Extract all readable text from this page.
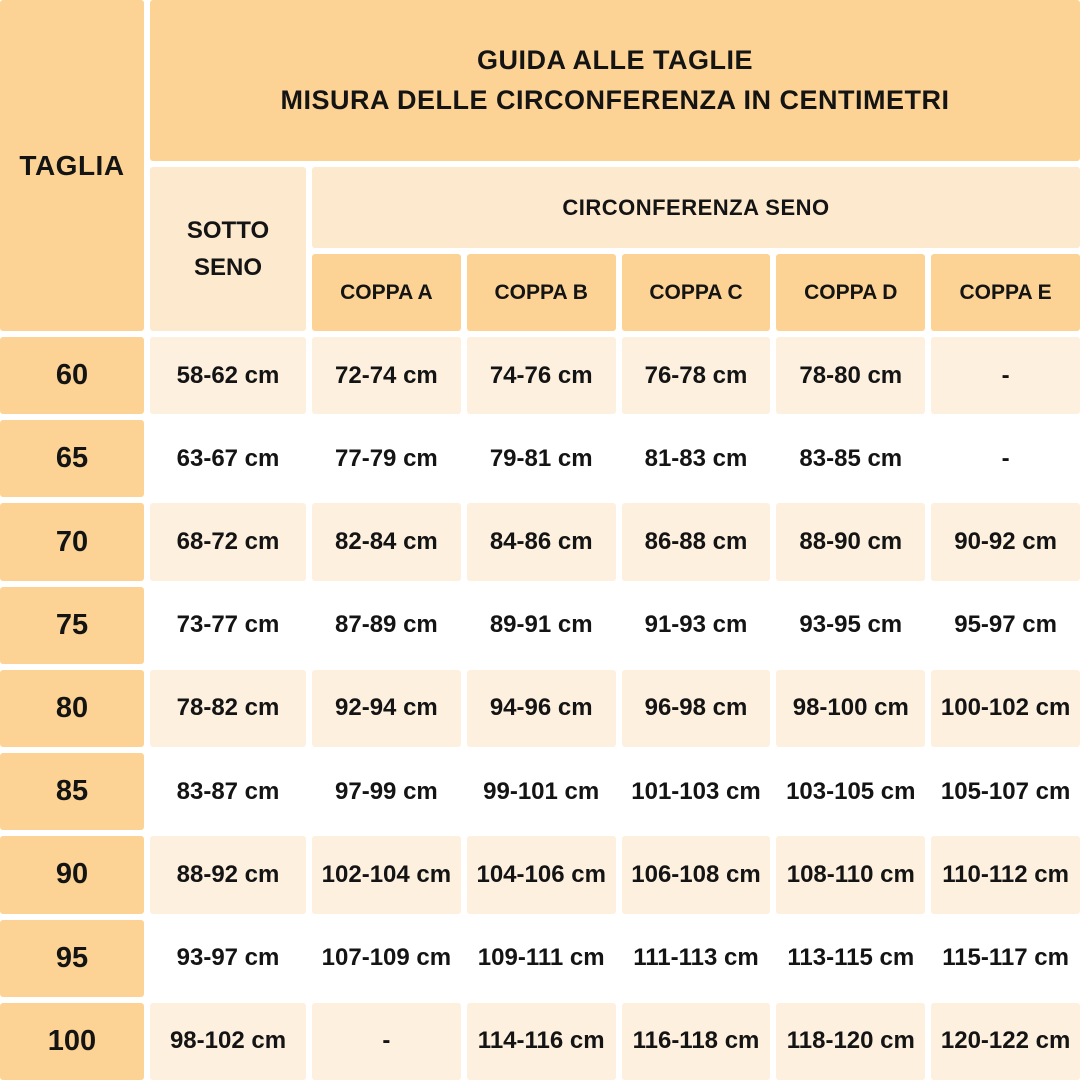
TAGLIA
GUIDA ALLE TAGLIE
MISURA DELLE CIRCONFERENZA IN CENTIMETRI
SOTTO SENO
CIRCONFERENZA SENO
COPPA A	COPPA B	COPPA C	COPPA D	COPPA E
60	58-62 cm	72-74 cm	74-76 cm	76-78 cm	78-80 cm	-
65	63-67 cm	77-79 cm	79-81 cm	81-83 cm	83-85 cm	-
70	68-72 cm	82-84 cm	84-86 cm	86-88 cm	88-90 cm	90-92 cm
75	73-77 cm	87-89 cm	89-91 cm	91-93 cm	93-95 cm	95-97 cm
80	78-82 cm	92-94 cm	94-96 cm	96-98 cm	98-100 cm	100-102 cm
85	83-87 cm	97-99 cm	99-101 cm	101-103 cm	103-105 cm	105-107 cm
90	88-92 cm	102-104 cm	104-106 cm	106-108 cm	108-110 cm	110-112 cm
95	93-97 cm	107-109 cm	109-111 cm	111-113 cm	113-115 cm	115-117 cm
100	98-102 cm	-	114-116 cm	116-118 cm	118-120 cm	120-122 cm
